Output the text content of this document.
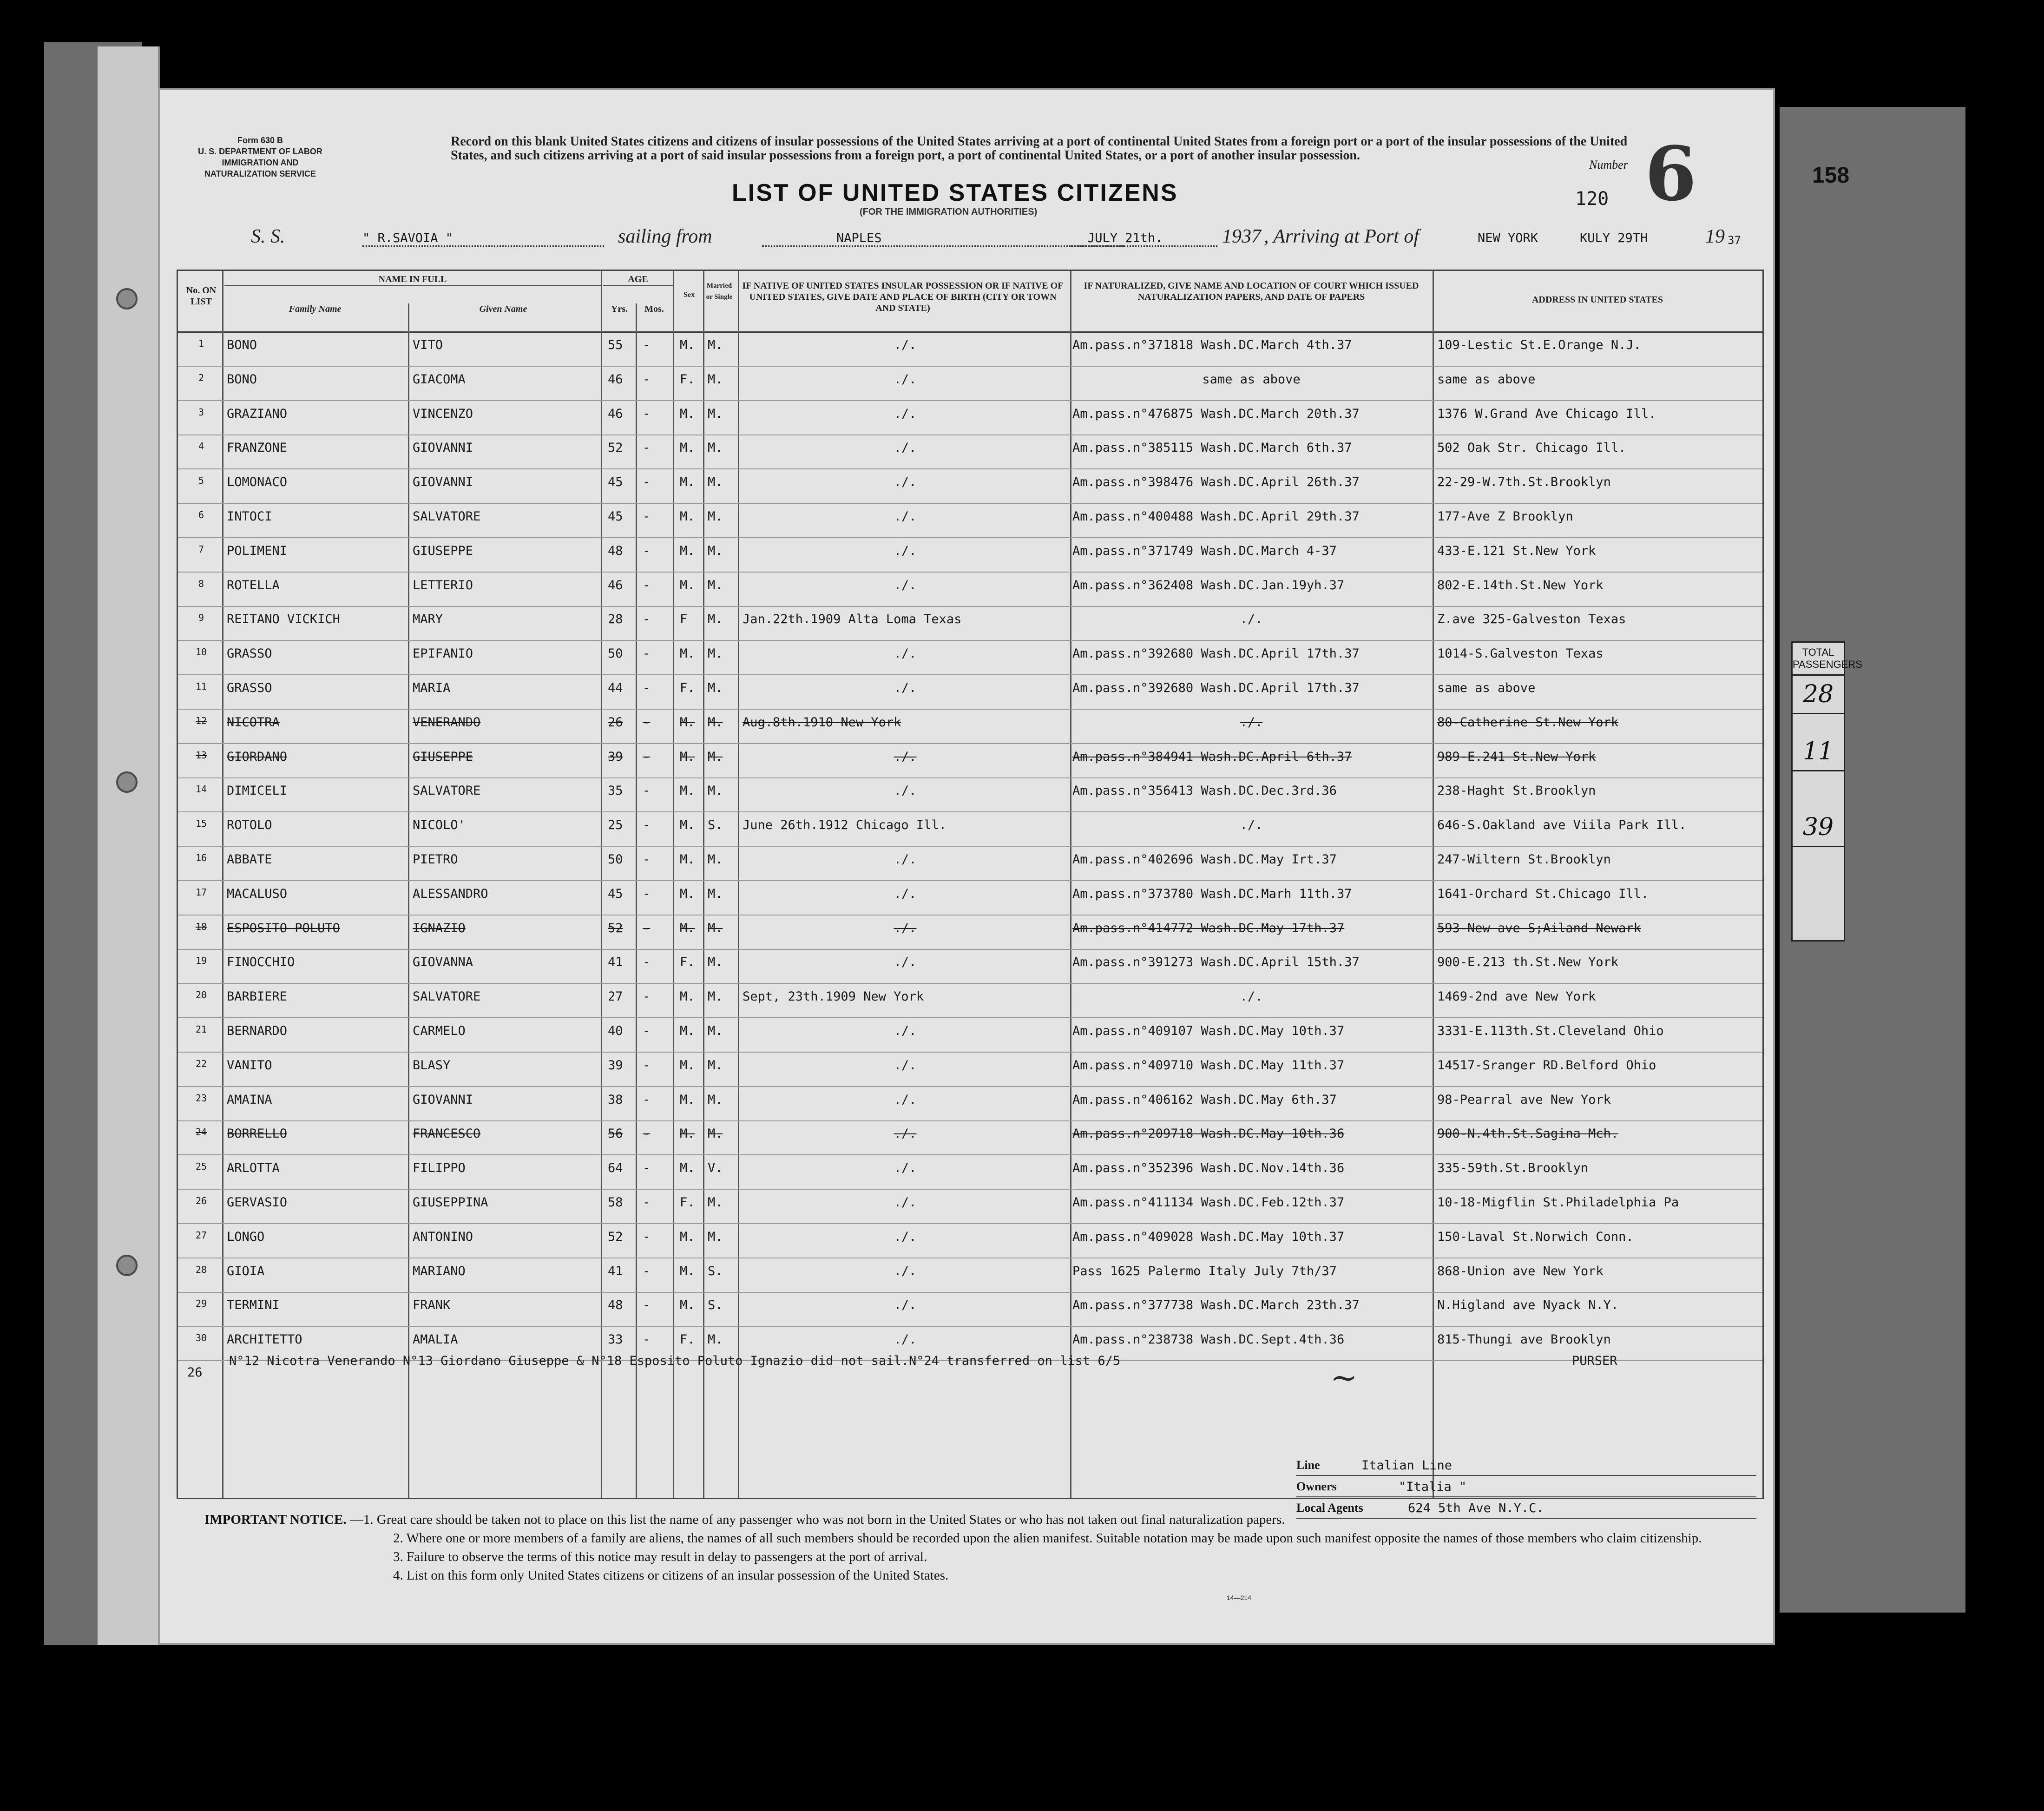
158
TOTAL PASSENGERS
28
11
39
Form 630 B
U. S. DEPARTMENT OF LABOR
IMMIGRATION AND NATURALIZATION SERVICE
Record on this blank United States citizens and citizens of insular possessions of the United States arriving at a port of continental United States from a foreign port or a port of the insular possessions of the United States, and such citizens arriving at a port of said insular possessions from a foreign port, a port of continental United States, or a port of another insular possession.
Number 6
120
LIST OF UNITED STATES CITIZENS
(FOR THE IMMIGRATION AUTHORITIES)
S. S.	" R.SAVOIA "	sailing from	NAPLES	JULY 21th.	1937 , Arriving at Port of	NEW YORK	KULY 29TH	19 37
No. ON LIST
NAME IN FULL
Family Name	Given Name
AGE
Yrs.	Mos.
Sex
Married or Single
IF NATIVE OF UNITED STATES INSULAR POSSESSION OR IF NATIVE OF UNITED STATES, GIVE DATE AND PLACE OF BIRTH (CITY OR TOWN AND STATE)
IF NATURALIZED, GIVE NAME AND LOCATION OF COURT WHICH ISSUED NATURALIZATION PAPERS, AND DATE OF PAPERS	ADDRESS IN UNITED STATES
1	BONO	VITO	55	-	M.	M.	./.	Am.pass.n°371818 Wash.DC.March 4th.37	109-Lestic St.E.Orange N.J.
2	BONO	GIACOMA	46	-	F.	M.	./.	same as above	same as above
3	GRAZIANO	VINCENZO	46	-	M.	M.	./.	Am.pass.n°476875 Wash.DC.March 20th.37	1376 W.Grand Ave Chicago Ill.
4	FRANZONE	GIOVANNI	52	-	M.	M.	./.	Am.pass.n°385115 Wash.DC.March 6th.37	502 Oak Str. Chicago Ill.
5	LOMONACO	GIOVANNI	45	-	M.	M.	./.	Am.pass.n°398476 Wash.DC.April 26th.37	22-29-W.7th.St.Brooklyn
6	INTOCI	SALVATORE	45	-	M.	M.	./.	Am.pass.n°400488 Wash.DC.April 29th.37	177-Ave Z Brooklyn
7	POLIMENI	GIUSEPPE	48	-	M.	M.	./.	Am.pass.n°371749 Wash.DC.March 4-37	433-E.121 St.New York
8	ROTELLA	LETTERIO	46	-	M.	M.	./.	Am.pass.n°362408 Wash.DC.Jan.19yh.37	802-E.14th.St.New York
9	REITANO VICKICH	MARY	28	-	F	M.	Jan.22th.1909 Alta Loma Texas	./.	Z.ave 325-Galveston Texas
10	GRASSO	EPIFANIO	50	-	M.	M.	./.	Am.pass.n°392680 Wash.DC.April 17th.37	1014-S.Galveston Texas
11	GRASSO	MARIA	44	-	F.	M.	./.	Am.pass.n°392680 Wash.DC.April 17th.37	same as above
12	NICOTRA	VENERANDO	26	-	M.	M.	Aug.8th.1910 New York	./.	80-Catherine St.New York
13	GIORDANO	GIUSEPPE	39	-	M.	M.	./.	Am.pass.n°384941 Wash.DC.April 6th.37	989-E.241 St.New York
14	DIMICELI	SALVATORE	35	-	M.	M.	./.	Am.pass.n°356413 Wash.DC.Dec.3rd.36	238-Haght St.Brooklyn
15	ROTOLO	NICOLO'	25	-	M.	S.	June 26th.1912 Chicago Ill.	./.	646-S.Oakland ave Viila Park Ill.
16	ABBATE	PIETRO	50	-	M.	M.	./.	Am.pass.n°402696 Wash.DC.May Irt.37	247-Wiltern St.Brooklyn
17	MACALUSO	ALESSANDRO	45	-	M.	M.	./.	Am.pass.n°373780 Wash.DC.Marh 11th.37	1641-Orchard St.Chicago Ill.
18	ESPOSITO POLUTO	IGNAZIO	52	-	M.	M.	./.	Am.pass.n°414772 Wash.DC.May 17th.37	593-New ave S;Ailand Newark
19	FINOCCHIO	GIOVANNA	41	-	F.	M.	./.	Am.pass.n°391273 Wash.DC.April 15th.37	900-E.213 th.St.New York
20	BARBIERE	SALVATORE	27	-	M.	M.	Sept, 23th.1909 New York	./.	1469-2nd ave New York
21	BERNARDO	CARMELO	40	-	M.	M.	./.	Am.pass.n°409107 Wash.DC.May 10th.37	3331-E.113th.St.Cleveland Ohio
22	VANITO	BLASY	39	-	M.	M.	./.	Am.pass.n°409710 Wash.DC.May 11th.37	14517-Sranger RD.Belford Ohio
23	AMAINA	GIOVANNI	38	-	M.	M.	./.	Am.pass.n°406162 Wash.DC.May 6th.37	98-Pearral ave New York
24	BORRELLO	FRANCESCO	56	-	M.	M.	./.	Am.pass.n°209718 Wash.DC.May 10th.36	900-N.4th.St.Sagina Mch.
25	ARLOTTA	FILIPPO	64	-	M.	V.	./.	Am.pass.n°352396 Wash.DC.Nov.14th.36	335-59th.St.Brooklyn
26	GERVASIO	GIUSEPPINA	58	-	F.	M.	./.	Am.pass.n°411134 Wash.DC.Feb.12th.37	10-18-Migflin St.Philadelphia Pa
27	LONGO	ANTONINO	52	-	M.	M.	./.	Am.pass.n°409028 Wash.DC.May 10th.37	150-Laval St.Norwich Conn.
28	GIOIA	MARIANO	41	-	M.	S.	./.	Pass 1625 Palermo Italy July 7th/37	868-Union ave New York
29	TERMINI	FRANK	48	-	M.	S.	./.	Am.pass.n°377738 Wash.DC.March 23th.37	N.Higland ave Nyack N.Y.
30	ARCHITETTO	AMALIA	33	-	F.	M.	./.	Am.pass.n°238738 Wash.DC.Sept.4th.36	815-Thungi ave Brooklyn
26
N°12 Nicotra Venerando N°13 Giordano Giuseppe & N°18 Esposito Poluto Ignazio did not sail.N°24 transferred on list 6/5	PURSER
~
Line	Italian Line
Owners	"Italia "
Local Agents	624 5th Ave N.Y.C.
IMPORTANT NOTICE. —1. Great care should be taken not to place on this list the name of any passenger who was not born in the United States or who has not taken out final naturalization papers.
2. Where one or more members of a family are aliens, the names of all such members should be recorded upon the alien manifest. Suitable notation may be made upon such manifest opposite the names of those members who claim citizenship.
3. Failure to observe the terms of this notice may result in delay to passengers at the port of arrival.
4. List on this form only United States citizens or citizens of an insular possession of the United States.
14—214
